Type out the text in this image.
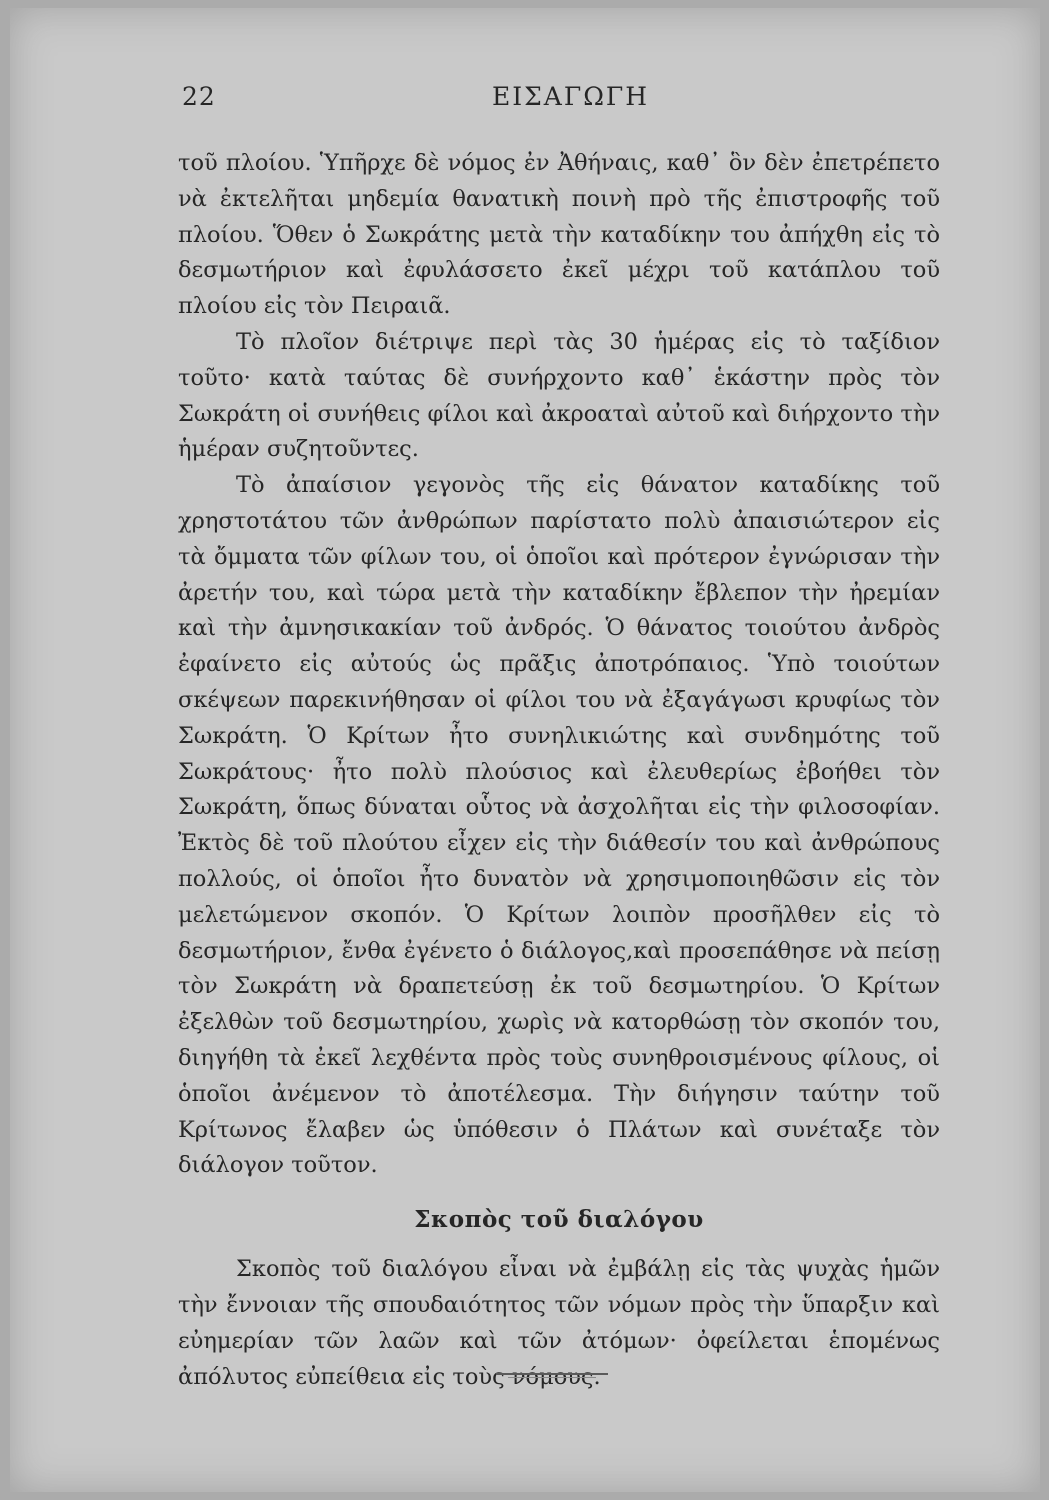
22	ΕΙΣΑΓΩΓΗ

τοῦ πλοίου. Ὑπῆρχε δὲ νόμος ἐν Ἀθήναις, καθ᾿ ὃν δὲν ἐπετρέπετο νὰ ἐκτελῆται μηδεμία θανατικὴ ποινὴ πρὸ τῆς ἐπιστροφῆς τοῦ πλοίου. Ὅθεν ὁ Σωκράτης μετὰ τὴν καταδίκην του ἀπήχθη εἰς τὸ δεσμωτήριον καὶ ἐφυλάσσετο ἐκεῖ μέχρι τοῦ κατάπλου τοῦ πλοίου εἰς τὸν Πειραιᾶ.

Τὸ πλοῖον διέτριψε περὶ τὰς 30 ἡμέρας εἰς τὸ ταξίδιον τοῦτο· κατὰ ταύτας δὲ συνήρχοντο καθ᾿ ἑκάστην πρὸς τὸν Σωκράτη οἱ συνήθεις φίλοι καὶ ἀκροαταὶ αὐτοῦ καὶ διήρχοντο τὴν ἡμέραν συζητοῦντες.

Τὸ ἀπαίσιον γεγονὸς τῆς εἰς θάνατον καταδίκης τοῦ χρηστοτάτου τῶν ἀνθρώπων παρίστατο πολὺ ἀπαισιώτερον εἰς τὰ ὄμματα τῶν φίλων του, οἱ ὁποῖοι καὶ πρότερον ἐγνώρισαν τὴν ἀρετήν του, καὶ τώρα μετὰ τὴν καταδίκην ἔβλεπον τὴν ἠρεμίαν καὶ τὴν ἀμνησικακίαν τοῦ ἀνδρός. Ὁ θάνατος τοιούτου ἀνδρὸς ἐφαίνετο εἰς αὐτούς ὡς πρᾶξις ἀποτρόπαιος. Ὑπὸ τοιούτων σκέψεων παρεκινήθησαν οἱ φίλοι του νὰ ἐξαγάγωσι κρυφίως τὸν Σωκράτη. Ὁ Κρίτων ἦτο συνηλικιώτης καὶ συνδημότης τοῦ Σωκράτους· ἦτο πολὺ πλούσιος καὶ ἐλευθερίως ἐβοήθει τὸν Σωκράτη, ὅπως δύναται οὗτος νὰ ἀσχολῆται εἰς τὴν φιλοσοφίαν. Ἐκτὸς δὲ τοῦ πλούτου εἶχεν εἰς τὴν διάθεσίν του καὶ ἀνθρώπους πολλούς, οἱ ὁποῖοι ἦτο δυνατὸν νὰ χρησιμοποιηθῶσιν εἰς τὸν μελετώμενον σκοπόν. Ὁ Κρίτων λοιπὸν προσῆλθεν εἰς τὸ δεσμωτήριον, ἔνθα ἐγένετο ὁ διάλογος,καὶ προσεπάθησε νὰ πείσῃ τὸν Σωκράτη νὰ δραπετεύσῃ ἐκ τοῦ δεσμωτηρίου. Ὁ Κρίτων ἐξελθὼν τοῦ δεσμωτηρίου, χωρὶς νὰ κατορθώσῃ τὸν σκοπόν του, διηγήθη τὰ ἐκεῖ λεχθέντα πρὸς τοὺς συνηθροισμένους φίλους, οἱ ὁποῖοι ἀνέμενον τὸ ἀποτέλεσμα. Τὴν διήγησιν ταύτην τοῦ Κρίτωνος ἔλαβεν ὡς ὑπόθεσιν ὁ Πλάτων καὶ συνέταξε τὸν διάλογον τοῦτον.

Σκοπὸς τοῦ διαλόγου

Σκοπὸς τοῦ διαλόγου εἶναι νὰ ἐμβάλῃ εἰς τὰς ψυχὰς ἡμῶν τὴν ἔννοιαν τῆς σπουδαιότητος τῶν νόμων πρὸς τὴν ὕπαρξιν καὶ εὐημερίαν τῶν λαῶν καὶ τῶν ἀτόμων· ὀφείλεται ἑπομένως ἀπόλυτος εὐπείθεια εἰς τοὺς νόμους.
